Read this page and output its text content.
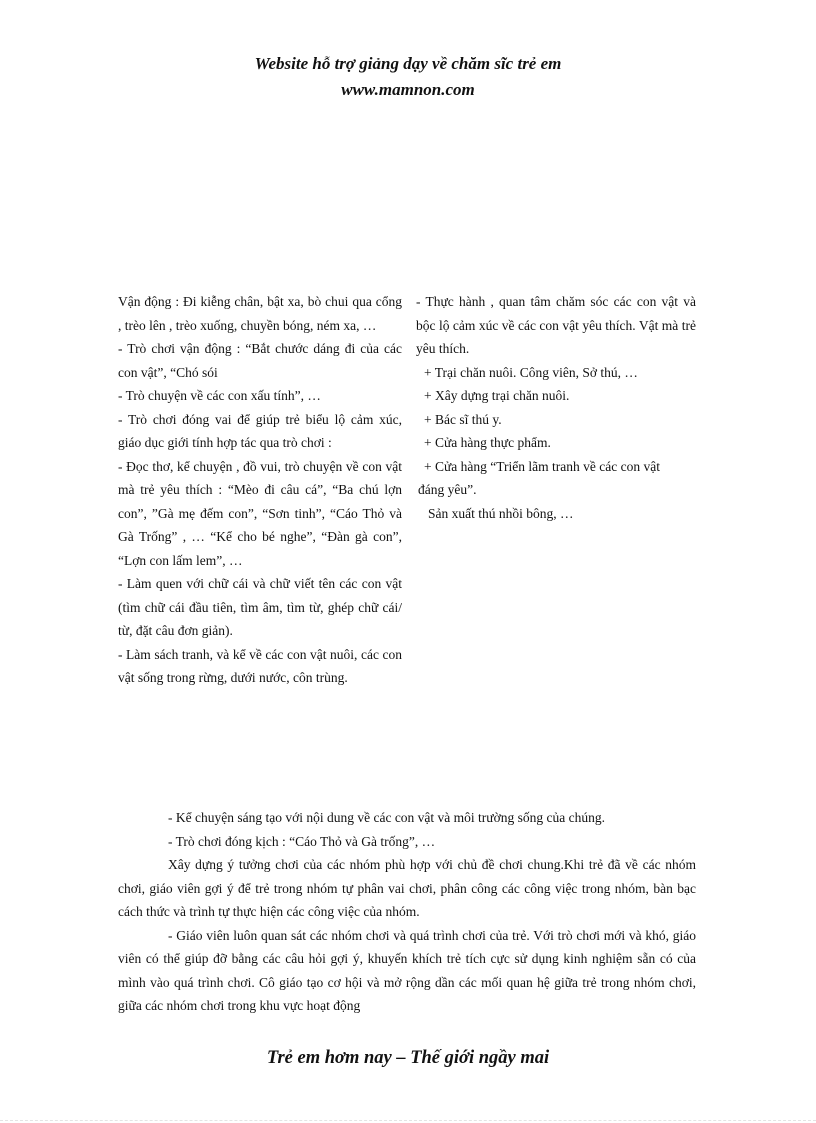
Website hỗ trợ giảng dạy về chăm sĩc trẻ em
www.mamnon.com

Vận động : Đi kiễng chân, bật xa, bò chui qua cổng , trèo lên , trèo xuống, chuyền bóng, ném xa, …

- Trò chơi vận động : “Bắt chước dáng đi của các con vật”, “Chó sói

- Trò chuyện về các con xấu tính”, …

- Trò chơi đóng vai để giúp trẻ biểu lộ cảm xúc, giáo dục giới tính hợp tác qua trò chơi :

- Đọc thơ, kể chuyện , đồ vui, trò chuyện về con vật mà trẻ yêu thích : “Mèo đi câu cá”, “Ba chú lợn con”, ”Gà mẹ đếm con”, “Sơn tinh”, “Cáo Thỏ và Gà Trống” , … “Kể cho bé nghe”, “Đàn gà con”, “Lợn con lấm lem”, …

- Làm quen với chữ cái và chữ viết tên các con vật (tìm chữ cái đầu tiên, tìm âm, tìm từ, ghép chữ cái/ từ, đặt câu đơn giản).

- Làm sách tranh, và kể về các con vật nuôi, các con vật sống trong rừng, dưới nước, côn trùng.

- Thực hành , quan tâm chăm sóc các con vật và bộc lộ cảm xúc về các con vật yêu thích. Vật mà trẻ yêu thích.

+ Trại chăn nuôi. Công viên, Sở thú, …

+ Xây dựng trại chăn nuôi.

+ Bác sĩ thú y.

+ Cửa hàng thực phẩm.

+ Cửa hàng “Triển lãm tranh về các con vật

đáng yêu”.

Sản xuất thú nhồi bông, …

- Kể chuyện sáng tạo với nội dung về các con vật và môi trường sống của chúng.

- Trò chơi đóng kịch : “Cáo Thỏ và Gà trống”, …

Xây dựng ý tưởng chơi của các nhóm phù hợp với chủ đề chơi chung.Khi trẻ đã về các nhóm chơi, giáo viên gợi ý để trẻ trong nhóm tự phân vai chơi, phân công các công việc trong nhóm, bàn bạc cách thức và trình tự thực hiện các công việc của nhóm.

- Giáo viên luôn quan sát các nhóm chơi và quá trình chơi của trẻ. Với trò chơi mới và khó, giáo viên có thể giúp đỡ bằng các câu hỏi gợi ý, khuyến khích trẻ tích cực sử dụng kinh nghiệm sẵn có của mình vào quá trình chơi. Cô giáo tạo cơ hội và mở rộng dần các mối quan hệ giữa trẻ trong nhóm chơi, giữa các nhóm chơi trong khu vực hoạt động

Trẻ em hơm nay – Thế giới ngầy mai
